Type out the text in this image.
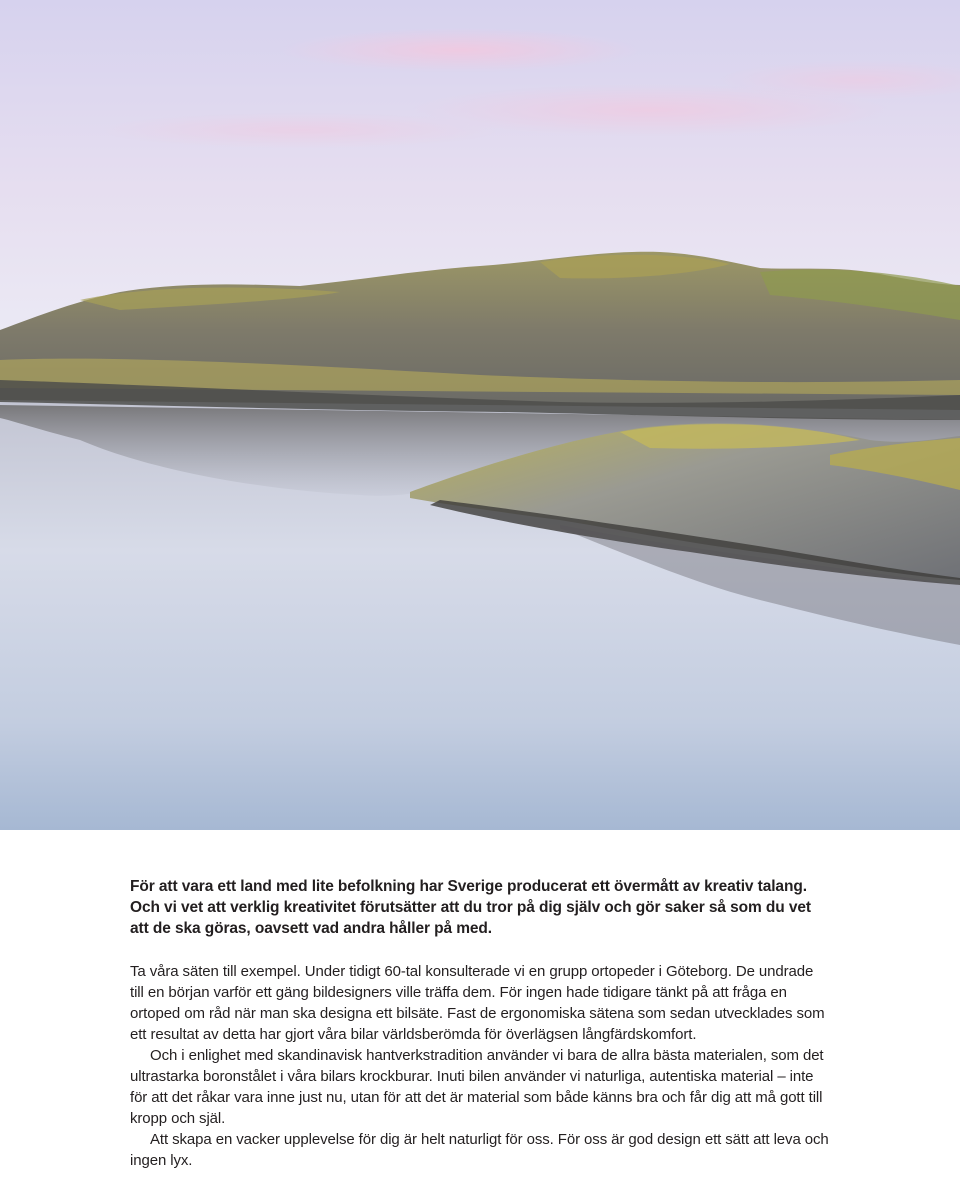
För att vara ett land med lite befolkning har Sverige producerat ett övermått av kreativ talang. Och vi vet att verklig kreativitet förutsätter att du tror på dig själv och gör saker så som du vet att de ska göras, oavsett vad andra håller på med.

Ta våra säten till exempel. Under tidigt 60-tal konsulterade vi en grupp ortopeder i Göteborg. De undrade till en början varför ett gäng bildesigners ville träffa dem. För ingen hade tidigare tänkt på att fråga en ortoped om råd när man ska designa ett bilsäte. Fast de ergonomiska sätena som sedan utvecklades som ett resultat av detta har gjort våra bilar världsberömda för överlägsen långfärdskomfort.

Och i enlighet med skandinavisk hantverkstradition använder vi bara de allra bästa materialen, som det ultrastarka boronstålet i våra bilars krockburar. Inuti bilen använder vi naturliga, autentiska material – inte för att det råkar vara inne just nu, utan för att det är material som både känns bra och får dig att må gott till kropp och själ.

Att skapa en vacker upplevelse för dig är helt naturligt för oss. För oss är god design ett sätt att leva och ingen lyx.
